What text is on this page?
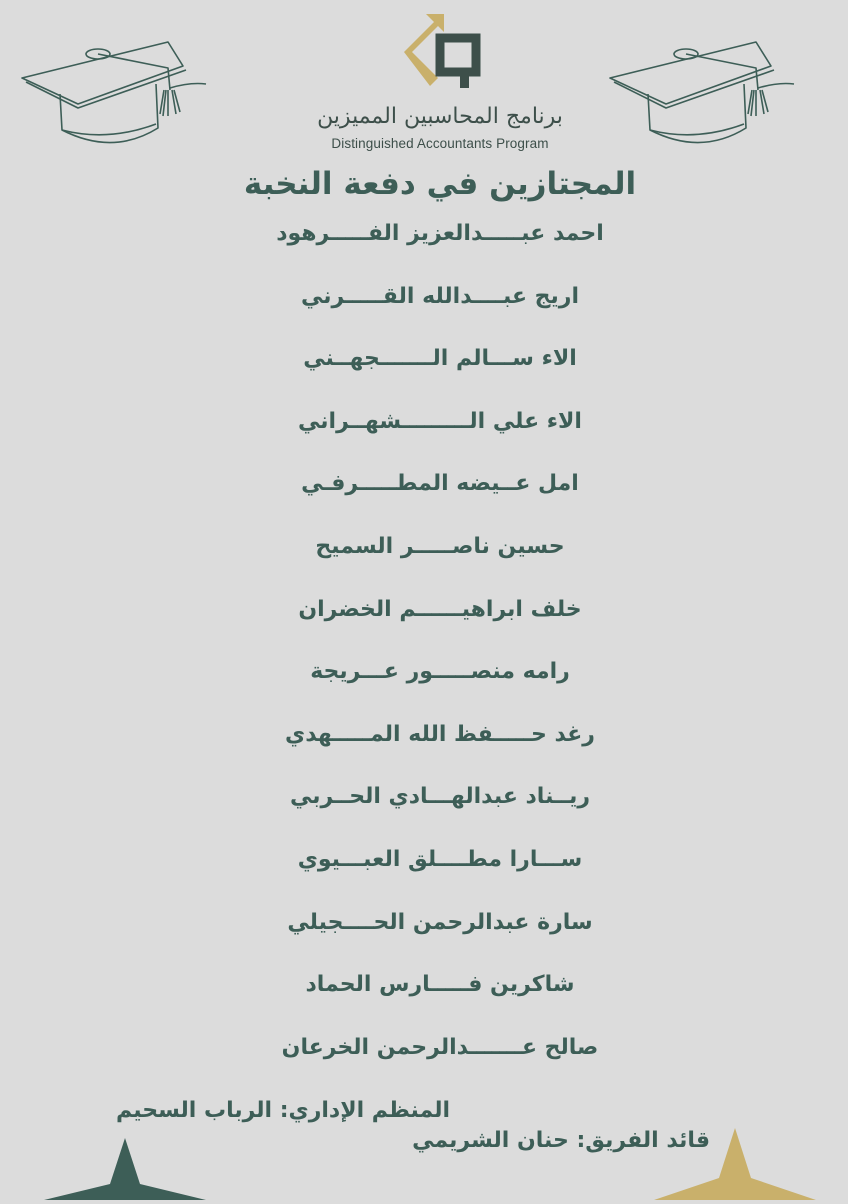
برنامج المحاسبين المميزين
Distinguished Accountants Program
المجتازين في دفعة النخبة
احمد عبـــــدالعزيز الفـــــرهود
اريج عبــــدالله القـــــرني
الاء ســـالم الـــــــجهــني
الاء علي الـــــــــشهــراني
امل عــيضه المطـــــرفـي
حسين ناصـــــر السميح
خلف ابراهيــــــم الخضران
رامه منصـــــور عـــريجة
رغد حـــــفظ الله المـــــهدي
ريــناد عبدالهـــادي الحــربي
ســـارا مطــــلق العبـــيوي
سارة عبدالرحمن الحــــجيلي
شاكرين فـــــارس الحماد
صالح عـــــــدالرحمن الخرعان
المنظم الإداري: الرباب السحيم
قائد الفريق: حنان الشريمي
